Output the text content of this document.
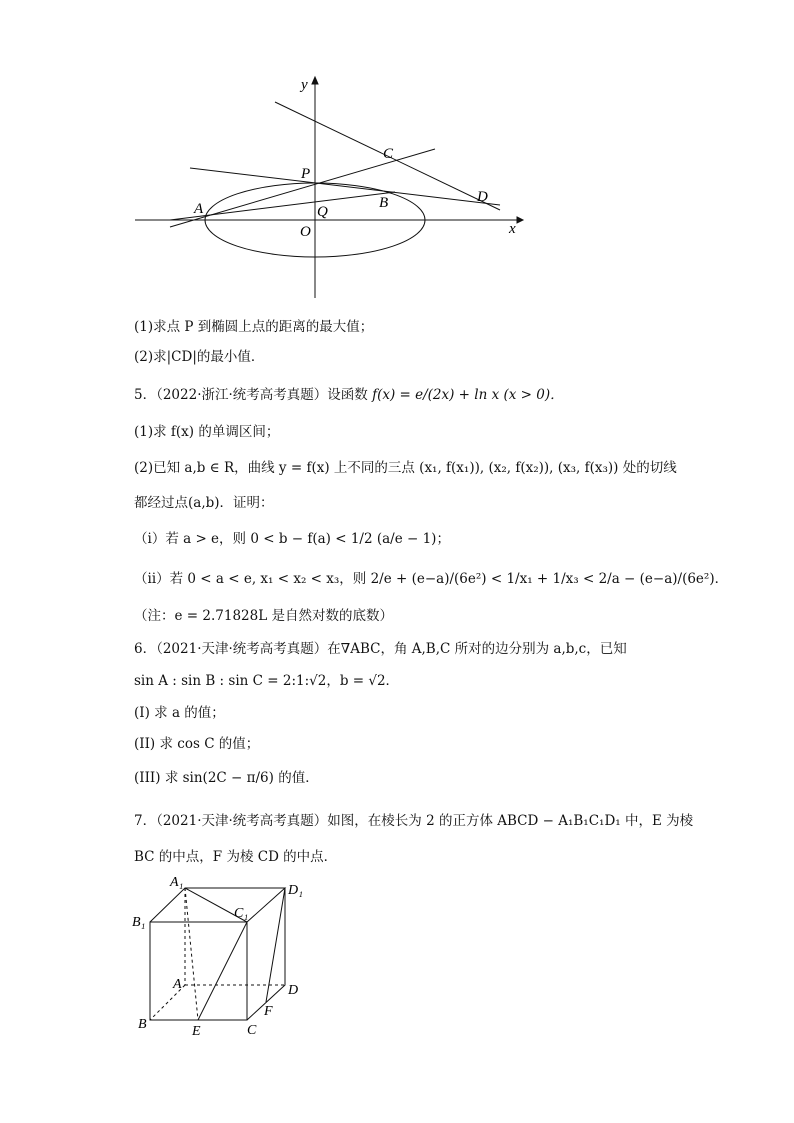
y
x
P
C
D
A	Q
B
O
(1)求点 P 到椭圆上点的距离的最大值；
(2)求|CD|的最小值．
5．（2022·浙江·统考高考真题）设函数 f(x) = e/(2x) + ln x (x > 0)．
(1)求 f(x) 的单调区间；
(2)已知 a,b ∈ R，曲线 y = f(x) 上不同的三点 (x₁, f(x₁)), (x₂, f(x₂)), (x₃, f(x₃)) 处的切线
都经过点(a,b)．证明：
（ⅰ）若 a > e，则 0 < b − f(a) < 1/2 (a/e − 1)；
（ⅱ）若 0 < a < e, x₁ < x₂ < x₃，则 2/e + (e−a)/(6e²) < 1/x₁ + 1/x₃ < 2/a − (e−a)/(6e²)．
（注：e = 2.71828L 是自然对数的底数）
6．（2021·天津·统考高考真题）在∇ABC，角 A,B,C 所对的边分别为 a,b,c，已知
sin A : sin B : sin C = 2:1:√2，b = √2．
(I) 求 a 的值；
(II) 求 cos C 的值；
(III) 求 sin(2C − π/6) 的值．
7．（2021·天津·统考高考真题）如图，在棱长为 2 的正方体 ABCD − A₁B₁C₁D₁ 中，E 为棱
BC 的中点，F 为棱 CD 的中点．
A₁
D₁
B₁
C₁
A	D
B	E	C
F
